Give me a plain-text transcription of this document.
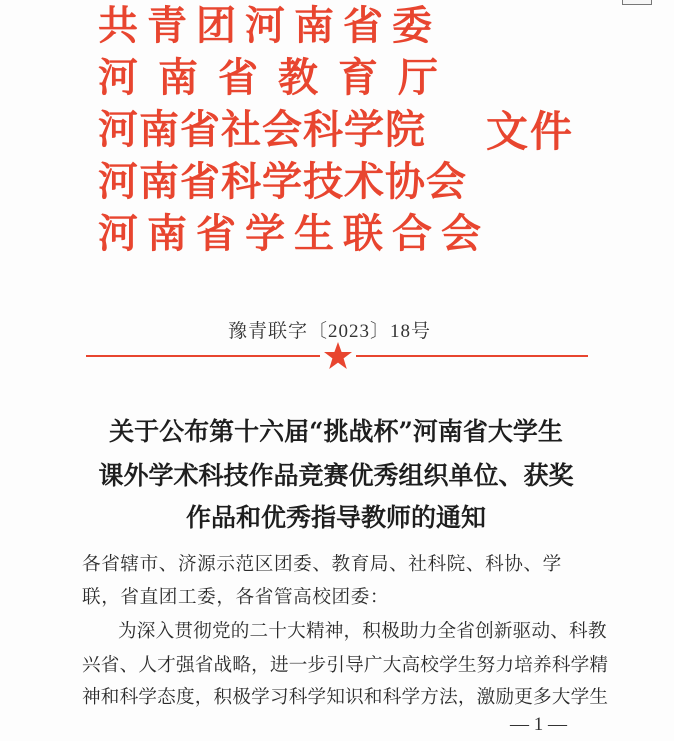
共青团河南省委
河南省教育厅
河南省社会科学院
河南省科学技术协会
河南省学生联合会
文件
豫青联字〔2023〕18号
关于公布第十六届“挑战杯”河南省大学生
课外学术科技作品竞赛优秀组织单位、获奖
作品和优秀指导教师的通知
各省辖市、济源示范区团委、教育局、社科院、科协、学
联，省直团工委，各省管高校团委：
为深入贯彻党的二十大精神，积极助力全省创新驱动、科教
兴省、人才强省战略，进一步引导广大高校学生努力培养科学精
神和科学态度，积极学习科学知识和科学方法，激励更多大学生
— 1 —
